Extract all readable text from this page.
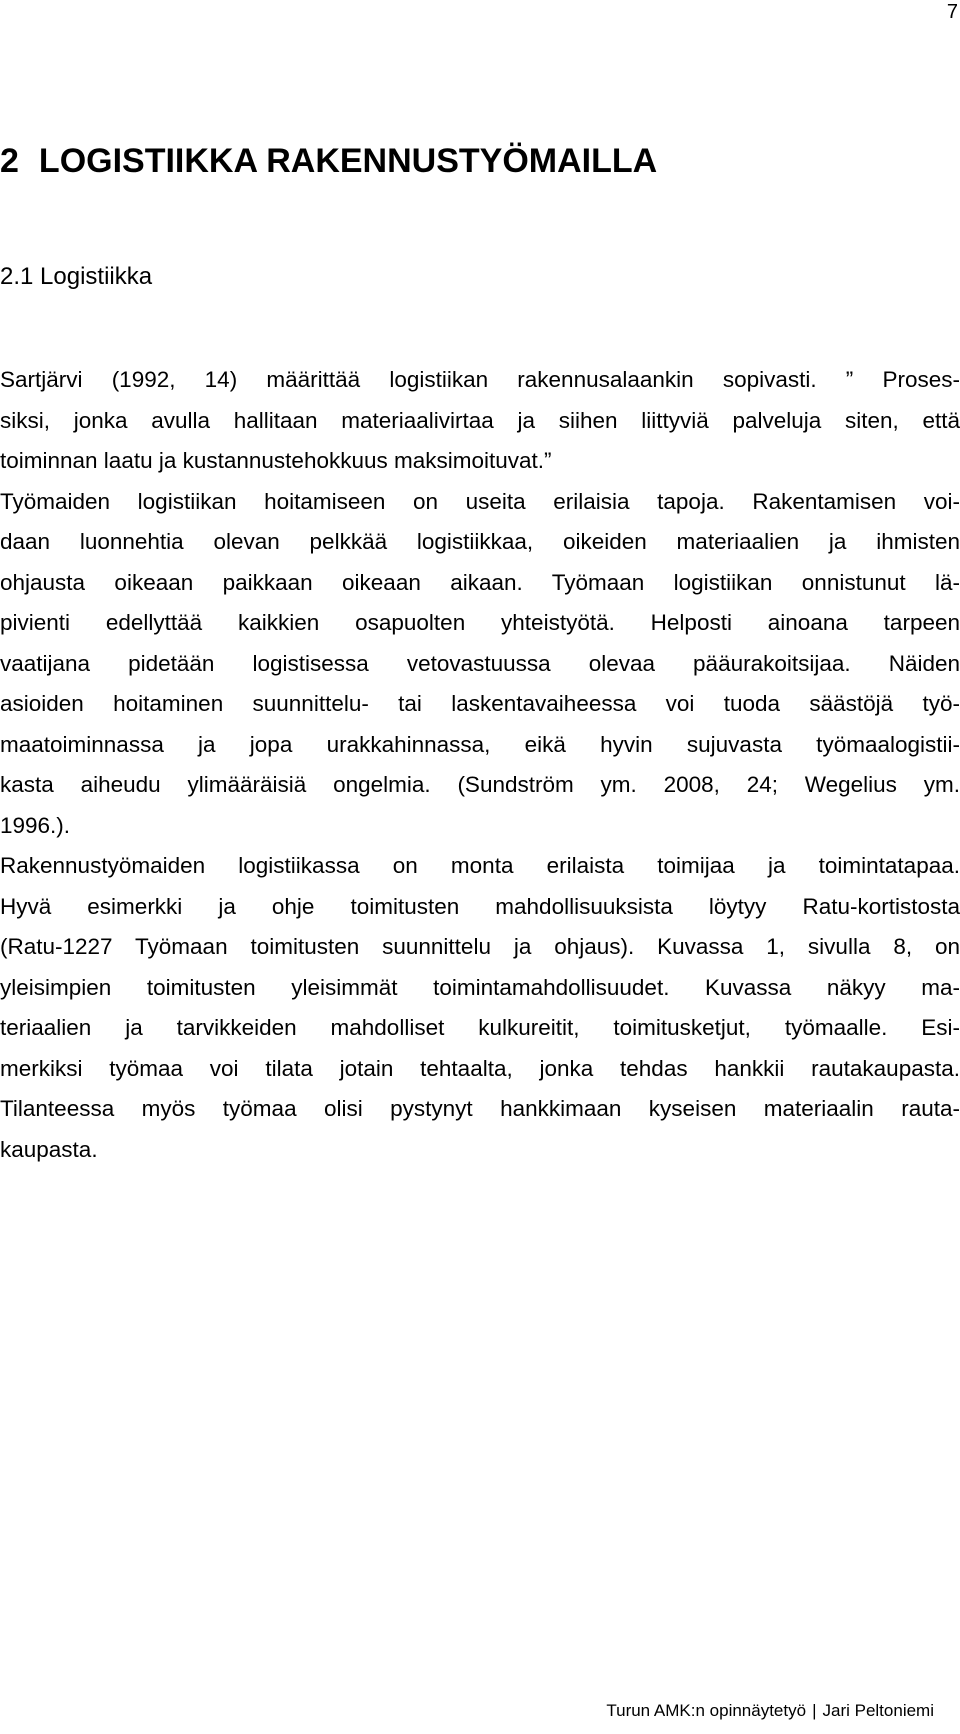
7
2 LOGISTIIKKA RAKENNUSTYÖMAILLA
2.1 Logistiikka
Sartjärvi (1992, 14) määrittää logistiikan rakennusalaankin sopivasti. ” Proses-
siksi, jonka avulla hallitaan materiaalivirtaa ja siihen liittyviä palveluja siten, että
toiminnan laatu ja kustannustehokkuus maksimoituvat.”
Työmaiden logistiikan hoitamiseen on useita erilaisia tapoja. Rakentamisen voi-
daan luonnehtia olevan pelkkää logistiikkaa, oikeiden materiaalien ja ihmisten
ohjausta oikeaan paikkaan oikeaan aikaan. Työmaan logistiikan onnistunut lä-
pivienti edellyttää kaikkien osapuolten yhteistyötä. Helposti ainoana tarpeen
vaatijana pidetään logistisessa vetovastuussa olevaa pääurakoitsijaa. Näiden
asioiden hoitaminen suunnittelu- tai laskentavaiheessa voi tuoda säästöjä työ-
maatoiminnassa ja jopa urakkahinnassa, eikä hyvin sujuvasta työmaalogistii-
kasta aiheudu ylimääräisiä ongelmia. (Sundström ym. 2008, 24; Wegelius ym.
1996.).
Rakennustyömaiden logistiikassa on monta erilaista toimijaa ja toimintatapaa.
Hyvä esimerkki ja ohje toimitusten mahdollisuuksista löytyy Ratu-kortistosta
(Ratu-1227 Työmaan toimitusten suunnittelu ja ohjaus). Kuvassa 1, sivulla 8, on
yleisimpien toimitusten yleisimmät toimintamahdollisuudet. Kuvassa näkyy ma-
teriaalien ja tarvikkeiden mahdolliset kulkureitit, toimitusketjut, työmaalle. Esi-
merkiksi työmaa voi tilata jotain tehtaalta, jonka tehdas hankkii rautakaupasta.
Tilanteessa myös työmaa olisi pystynyt hankkimaan kyseisen materiaalin rauta-
kaupasta.
Turun AMK:n opinnäytetyö | Jari Peltoniemi
